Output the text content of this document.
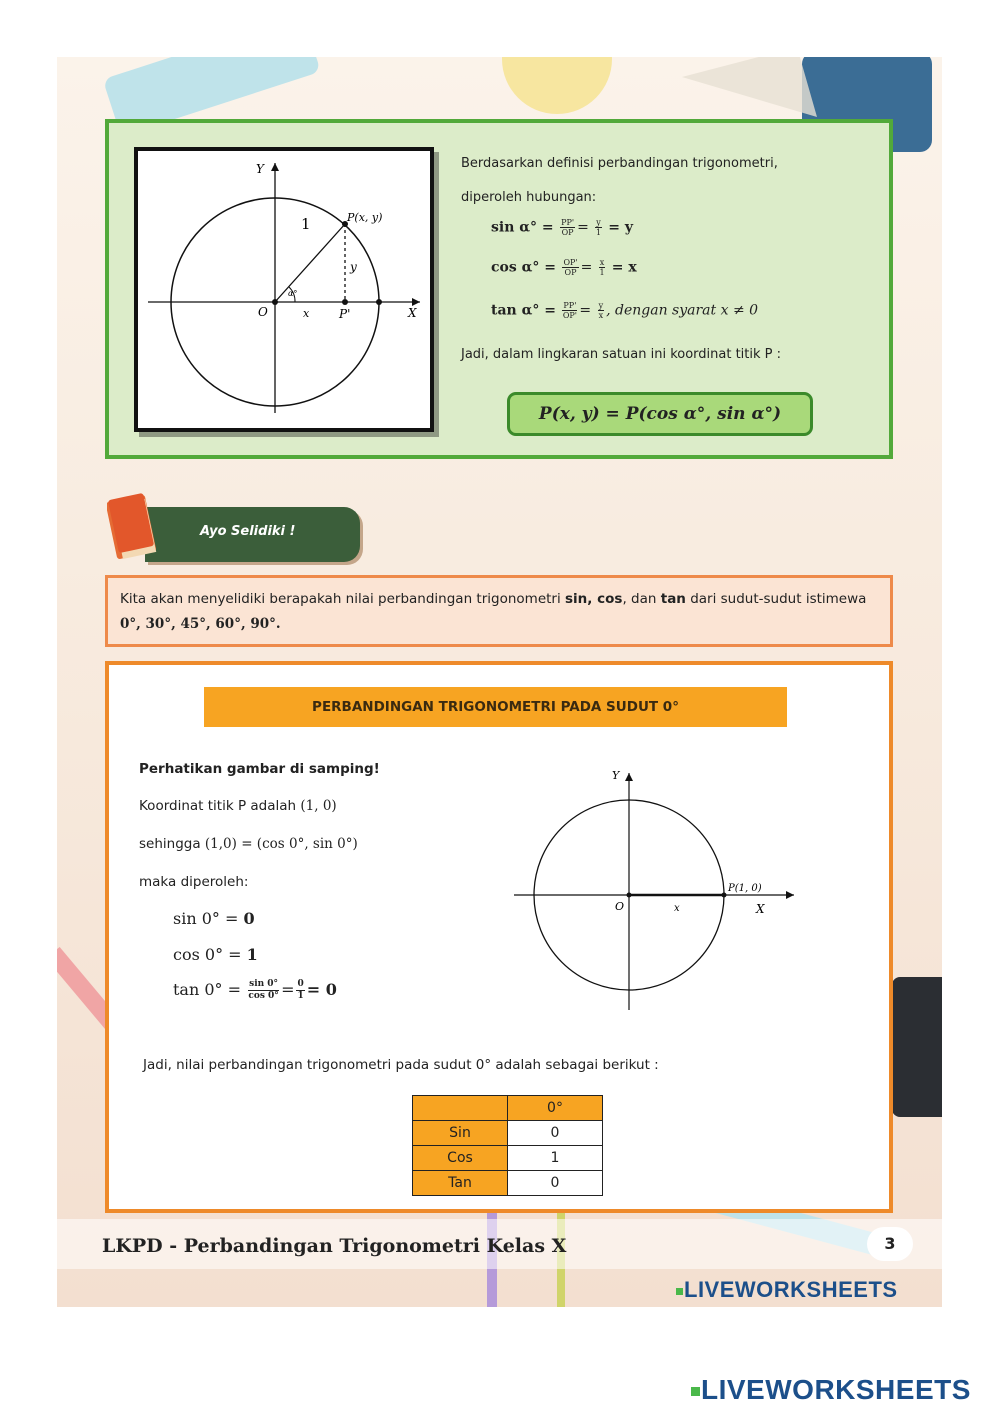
Y
X
O
P(x, y)
1
y
x P'
α°
Berdasarkan definisi perbandingan trigonometri,
diperoleh hubungan:
$\sin \alpha^\circ = \frac{PP'}{OP} = \frac{y}{1} = y$
$\cos \alpha^\circ = \frac{OP'}{OP} = \frac{x}{1} = x$
$\tan \alpha^\circ = \frac{PP'}{OP'} = \frac{y}{x}$ , dengan syarat x ≠ 0
Jadi, dalam lingkaran satuan ini koordinat titik P :
P(x, y) = P(cos α°, sin α°)
Ayo Selidiki !
Kita akan menyelidiki berapakah nilai perbandingan trigonometri sin, cos, dan tan dari sudut-sudut istimewa 0°, 30°, 45°, 60°, 90°.
PERBANDINGAN TRIGONOMETRI PADA SUDUT 0°
Perhatikan gambar di samping!
Koordinat titik P adalah (1, 0)
sehingga (1,0) = (cos 0°, sin 0°)
maka diperoleh:
sin 0° = 0
cos 0° = 1
$\tan 0^\circ = \frac{\sin 0^\circ}{\cos 0^\circ} = \frac{0}{1} = 0$
Y
X
O	x
P(1, 0)
Jadi, nilai perbandingan trigonometri pada sudut 0° adalah sebagai berikut :
	0°
Sin	0
Cos	1
Tan	0
LKPD - Perbandingan Trigonometri Kelas X	3
LIVEWORKSHEETS
LIVEWORKSHEETS
